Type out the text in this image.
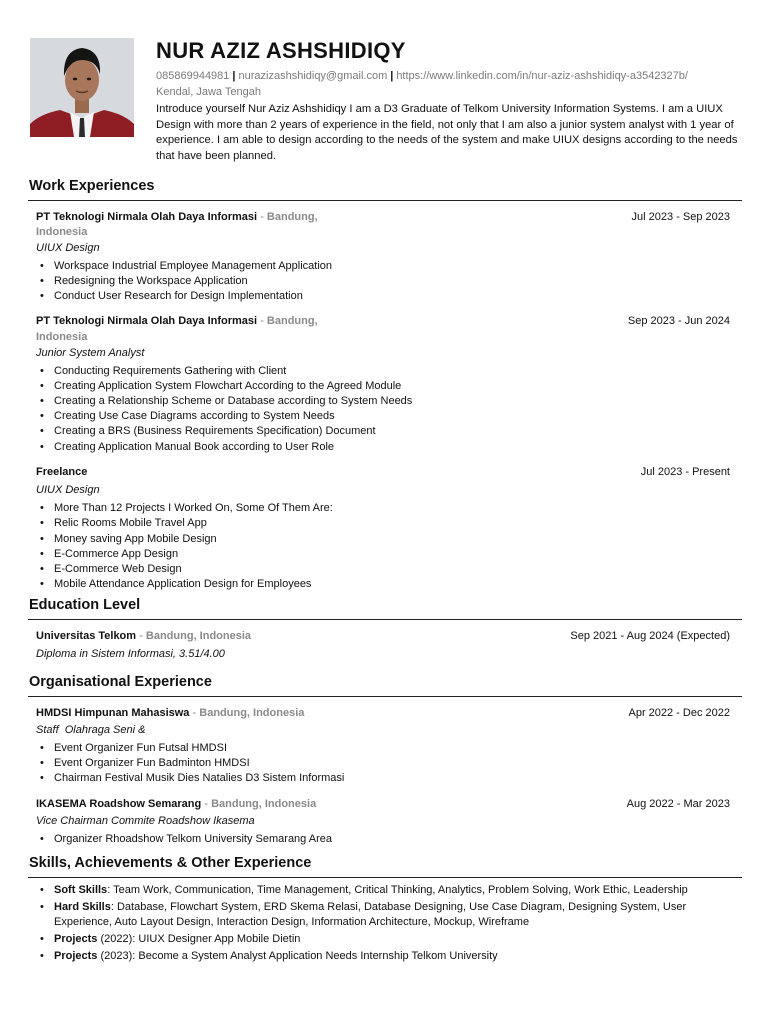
NUR AZIZ ASHSHIDIQY
085869944981 | nurazizashshidiqy@gmail.com | https://www.linkedin.com/in/nur-aziz-ashshidiqy-a3542327b/
Kendal, Jawa Tengah
Introduce yourself Nur Aziz Ashshidiqy I am a D3 Graduate of Telkom University Information Systems. I am a UIUX Design with more than 2 years of experience in the field, not only that I am also a junior system analyst with 1 year of experience. I am able to design according to the needs of the system and make UIUX designs according to the needs that have been planned.
Work Experiences
PT Teknologi Nirmala Olah Daya Informasi - Bandung,	Jul 2023 - Sep 2023
Indonesia
UIUX Design
• Workspace Industrial Employee Management Application
• Redesigning the Workspace Application
• Conduct User Research for Design Implementation
PT Teknologi Nirmala Olah Daya Informasi - Bandung,	Sep 2023 - Jun 2024
Indonesia
Junior System Analyst
• Conducting Requirements Gathering with Client
• Creating Application System Flowchart According to the Agreed Module
• Creating a Relationship Scheme or Database according to System Needs
• Creating Use Case Diagrams according to System Needs
• Creating a BRS (Business Requirements Specification) Document
• Creating Application Manual Book according to User Role
Freelance	Jul 2023 - Present
UIUX Design
• More Than 12 Projects I Worked On, Some Of Them Are:
• Relic Rooms Mobile Travel App
• Money saving App Mobile Design
• E-Commerce App Design
• E-Commerce Web Design
• Mobile Attendance Application Design for Employees
Education Level
Universitas Telkom - Bandung, Indonesia	Sep 2021 - Aug 2024 (Expected)
Diploma in Sistem Informasi, 3.51/4.00
Organisational Experience
HMDSI Himpunan Mahasiswa - Bandung, Indonesia	Apr 2022 - Dec 2022
Staff  Olahraga Seni &
• Event Organizer Fun Futsal HMDSI
• Event Organizer Fun Badminton HMDSI
• Chairman Festival Musik Dies Natalies D3 Sistem Informasi
IKASEMA Roadshow Semarang - Bandung, Indonesia	Aug 2022 - Mar 2023
Vice Chairman Commite Roadshow Ikasema
• Organizer Rhoadshow Telkom University Semarang Area
Skills, Achievements & Other Experience
• Soft Skills: Team Work, Communication, Time Management, Critical Thinking, Analytics, Problem Solving, Work Ethic, Leadership
• Hard Skills: Database, Flowchart System, ERD Skema Relasi, Database Designing, Use Case Diagram, Designing System, User Experience, Auto Layout Design, Interaction Design, Information Architecture, Mockup, Wireframe
• Projects (2022): UIUX Designer App Mobile Dietin
• Projects (2023): Become a System Analyst Application Needs Internship Telkom University
